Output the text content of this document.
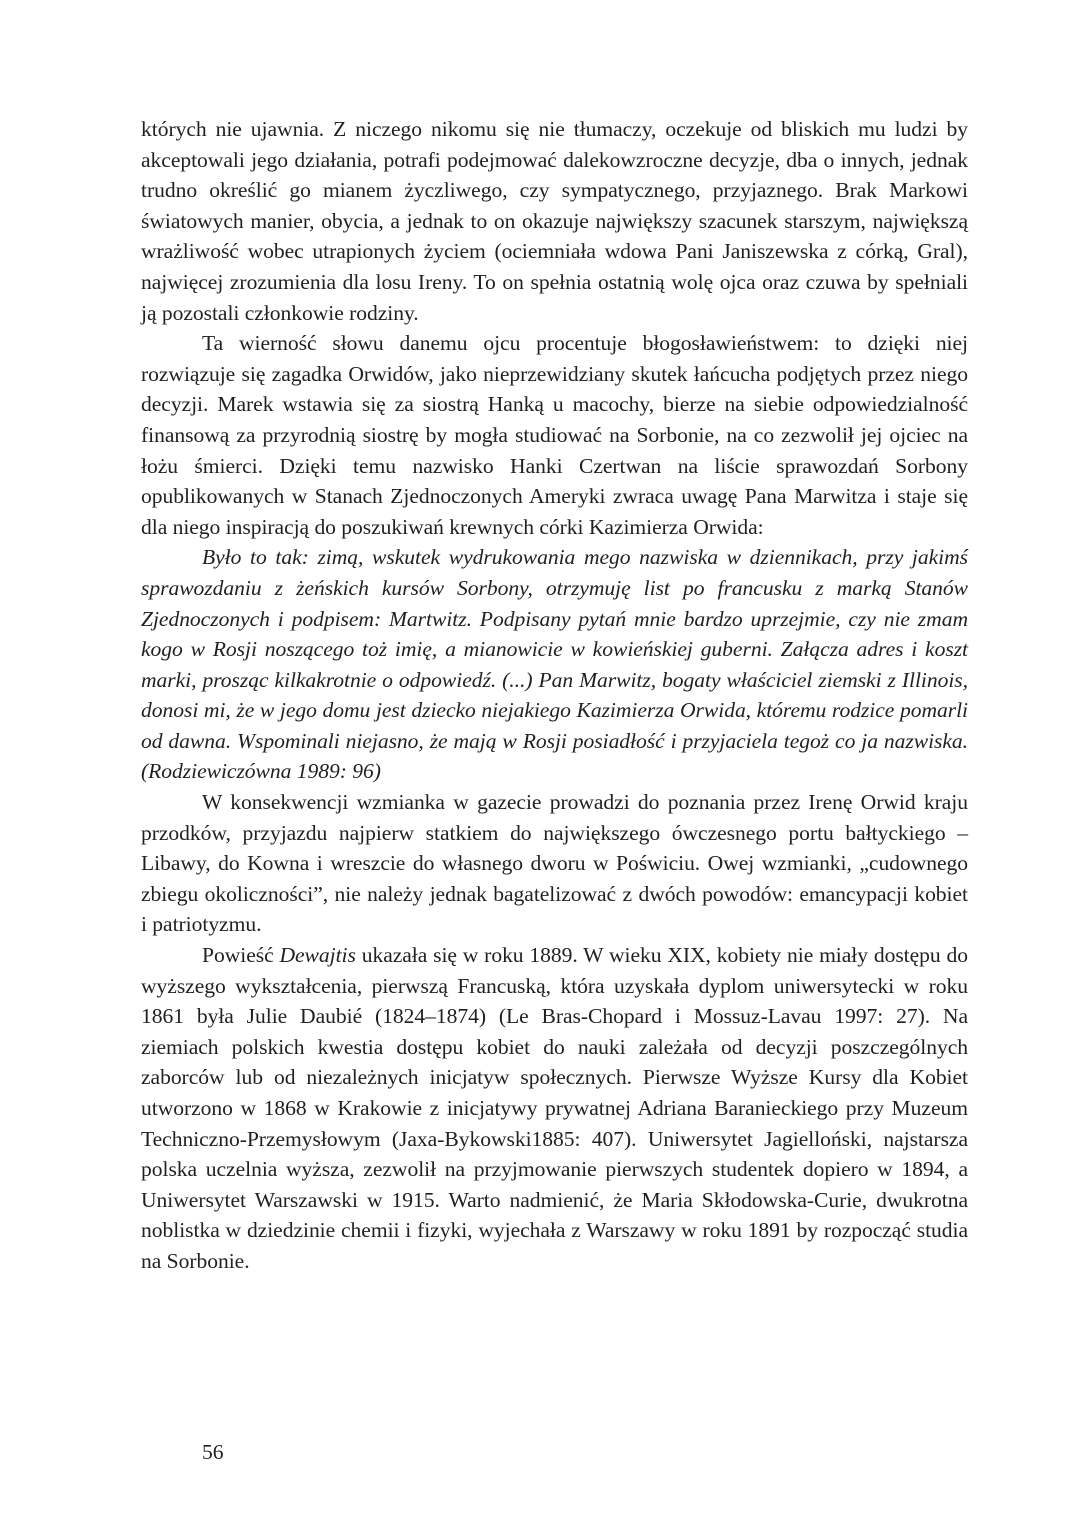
których nie ujawnia. Z niczego nikomu się nie tłumaczy, oczekuje od bliskich mu ludzi by akceptowali jego działania, potrafi podejmować dalekowzroczne decyzje, dba o innych, jednak trudno określić go mianem życzliwego, czy sympatycznego, przyjaznego. Brak Markowi światowych manier, obycia, a jednak to on okazuje największy szacunek starszym, największą wrażliwość wobec utrapionych życiem (ociemniała wdowa Pani Janiszewska z córką, Gral), najwięcej zrozumienia dla losu Ireny. To on spełnia ostatnią wolę ojca oraz czuwa by spełniali ją pozostali członkowie rodziny.

Ta wierność słowu danemu ojcu procentuje błogosławieństwem: to dzięki niej rozwiązuje się zagadka Orwidów, jako nieprzewidziany skutek łańcucha podjętych przez niego decyzji. Marek wstawia się za siostrą Hanką u macochy, bierze na siebie odpowiedzialność finansową za przyrodnią siostrę by mogła studiować na Sorbonie, na co zezwolił jej ojciec na łożu śmierci. Dzięki temu nazwisko Hanki Czertwan na liście sprawozdań Sorbony opublikowanych w Stanach Zjednoczonych Ameryki zwraca uwagę Pana Marwitza i staje się dla niego inspiracją do poszukiwań krewnych córki Kazimierza Orwida:

Było to tak: zimą, wskutek wydrukowania mego nazwiska w dziennikach, przy jakimś sprawozdaniu z żeńskich kursów Sorbony, otrzymuję list po francusku z marką Stanów Zjednoczonych i podpisem: Martwitz. Podpisany pytań mnie bardzo uprzejmie, czy nie zmam kogo w Rosji noszącego toż imię, a mianowicie w kowieńskiej guberni. Załącza adres i koszt marki, prosząc kilkakrotnie o odpowiedź. (...) Pan Marwitz, bogaty właściciel ziemski z Illinois, donosi mi, że w jego domu jest dziecko niejakiego Kazimierza Orwida, któremu rodzice pomarli od dawna. Wspominali niejasno, że mają w Rosji posiadłość i przyjaciela tegoż co ja nazwiska. (Rodziewiczówna 1989: 96)

W konsekwencji wzmianka w gazecie prowadzi do poznania przez Irenę Orwid kraju przodków, przyjazdu najpierw statkiem do największego ówczesnego portu bałtyckiego – Libawy, do Kowna i wreszcie do własnego dworu w Poświciu. Owej wzmianki, „cudownego zbiegu okoliczności”, nie należy jednak bagatelizować z dwóch powodów: emancypacji kobiet i patriotyzmu.

Powieść Dewajtis ukazała się w roku 1889. W wieku XIX, kobiety nie miały dostępu do wyższego wykształcenia, pierwszą Francuską, która uzyskała dyplom uniwersytecki w roku 1861 była Julie Daubié (1824–1874) (Le Bras-Chopard i Mossuz-Lavau 1997: 27). Na ziemiach polskich kwestia dostępu kobiet do nauki zależała od decyzji poszczególnych zaborców lub od niezależnych inicjatyw społecznych. Pierwsze Wyższe Kursy dla Kobiet utworzono w 1868 w Krakowie z inicjatywy prywatnej Adriana Baranieckiego przy Muzeum Techniczno-Przemysłowym (Jaxa-Bykowski1885: 407). Uniwersytet Jagielloński, najstarsza polska uczelnia wyższa, zezwolił na przyjmowanie pierwszych studentek dopiero w 1894, a Uniwersytet Warszawski w 1915. Warto nadmienić, że Maria Skłodowska-Curie, dwukrotna noblistka w dziedzinie chemii i fizyki, wyjechała z Warszawy w roku 1891 by rozpocząć studia na Sorbonie.

56
